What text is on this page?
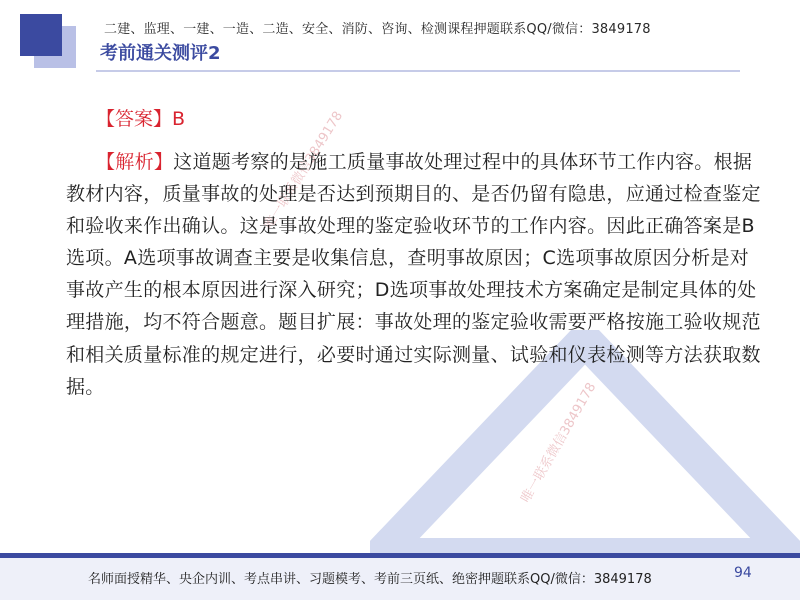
二建、监理、一建、一造、二造、安全、消防、咨询、检测课程押题联系QQ/微信：3849178
考前通关测评2
唯一联系微信3849178
唯一联系微信3849178
【答案】B
【解析】这道题考察的是施工质量事故处理过程中的具体环节工作内容。根据教材内容，质量事故的处理是否达到预期目的、是否仍留有隐患，应通过检查鉴定和验收来作出确认。这是事故处理的鉴定验收环节的工作内容。因此正确答案是B选项。A选项事故调查主要是收集信息，查明事故原因；C选项事故原因分析是对事故产生的根本原因进行深入研究；D选项事故处理技术方案确定是制定具体的处理措施，均不符合题意。题目扩展：事故处理的鉴定验收需要严格按施工验收规范和相关质量标准的规定进行，必要时通过实际测量、试验和仪表检测等方法获取数据。
名师面授精华、央企内训、考点串讲、习题模考、考前三页纸、绝密押题联系QQ/微信：3849178	94
